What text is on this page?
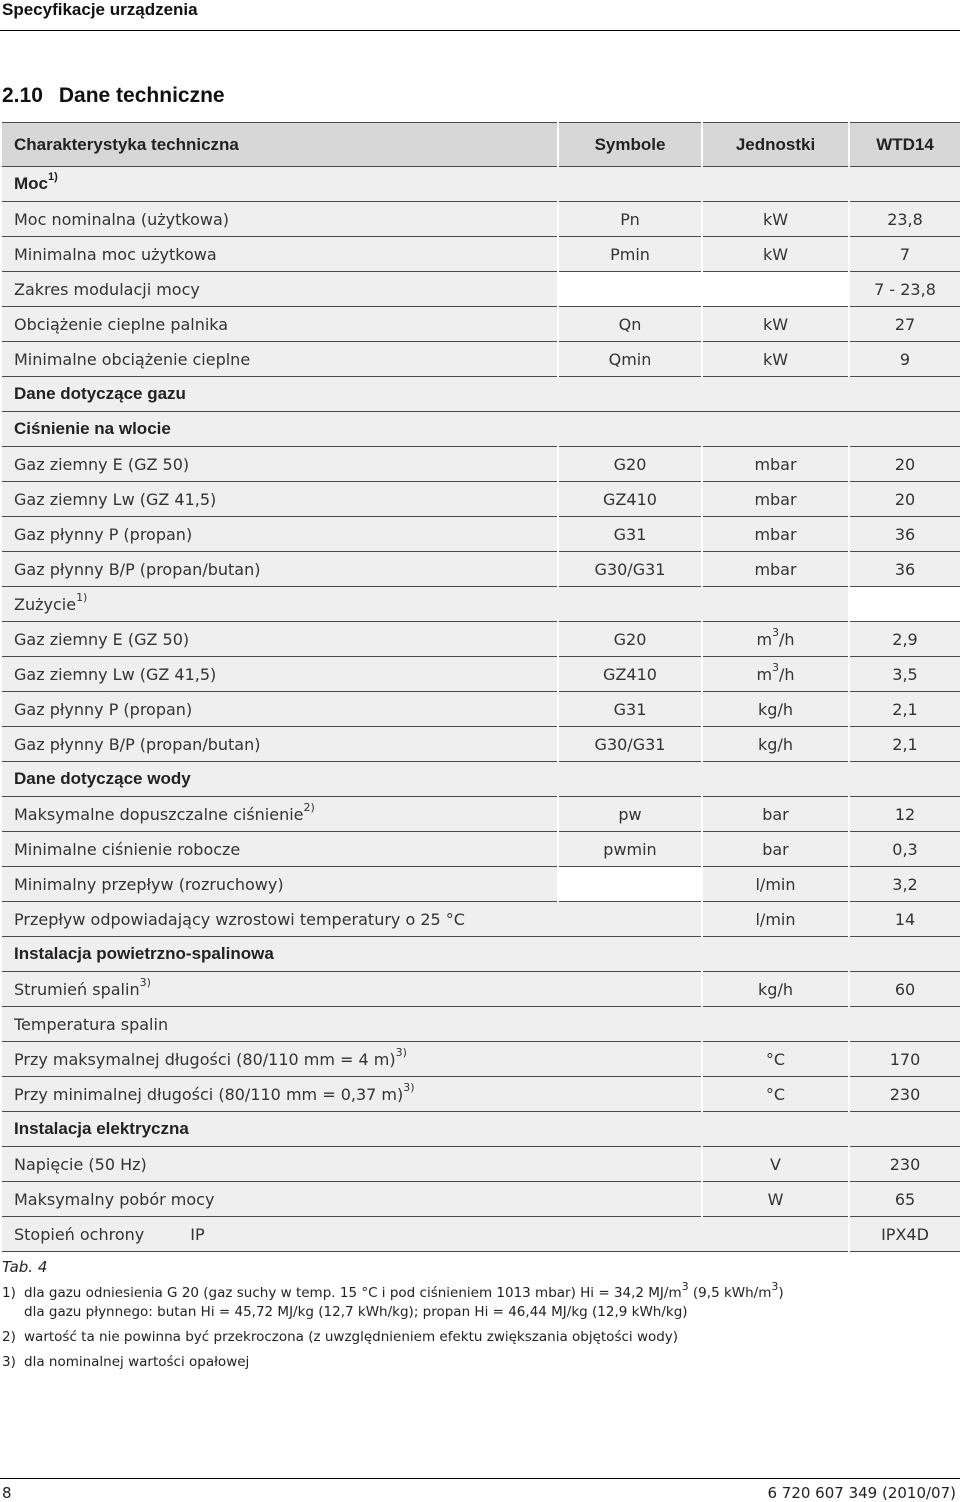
Specyfikacje urządzenia
2.10 Dane techniczne
Charakterystyka techniczna	Symbole	Jednostki	WTD14
Moc$^{1)}$
Moc nominalna (użytkowa)	Pn	kW	23,8
Minimalna moc użytkowa	Pmin	kW	7
Zakres modulacji mocy			7 - 23,8
Obciążenie cieplne palnika	Qn	kW	27
Minimalne obciążenie cieplne	Qmin	kW	9
Dane dotyczące gazu			
Ciśnienie na wlocie			
Gaz ziemny E (GZ 50)	G20	mbar	20
Gaz ziemny Lw (GZ 41,5)	GZ410	mbar	20
Gaz płynny P (propan)	G31	mbar	36
Gaz płynny B/P (propan/butan)	G30/G31	mbar	36
Zużycie$^{1)}$	
Gaz ziemny E (GZ 50)	G20	$m^3/h$	2,9
Gaz ziemny Lw (GZ 41,5)	GZ410	$m^3/h$	3,5
Gaz płynny P (propan)	G31	kg/h	2,1
Gaz płynny B/P (propan/butan)	G30/G31	kg/h	2,1
Dane dotyczące wody			
Maksymalne dopuszczalne ciśnienie$^{2)}$	pw	bar	12
Minimalne ciśnienie robocze	pwmin	bar	0,3
Minimalny przepływ (rozruchowy)		l/min	3,2
Przepływ odpowiadający wzrostowi temperatury o 25 °C		l/min	14
Instalacja powietrzno-spalinowa			
Strumień spalin$^{3)}$		kg/h	60
Temperatura spalin			
Przy maksymalnej długości (80/110 mm = 4 m)$^{3)}$		°C	170
Przy minimalnej długości (80/110 mm = 0,37 m)$^{3)}$		°C	230
Instalacja elektryczna			
Napięcie (50 Hz)		V	230
Maksymalny pobór mocy		W	65
Stopień ochrony IP			IPX4D
Tab. 4
1) dla gazu odniesienia G 20 (gaz suchy w temp. 15 °C i pod ciśnieniem 1013 mbar) Hi = 34,2 $MJ/m^3$ (9,5 kWh/$m^3$)
dla gazu płynnego: butan Hi = 45,72 MJ/kg (12,7 kWh/kg); propan Hi = 46,44 MJ/kg (12,9 kWh/kg)
2) wartość ta nie powinna być przekroczona (z uwzględnieniem efektu zwiększania objętości wody)
3) dla nominalnej wartości opałowej
8	6 720 607 349 (2010/07)
